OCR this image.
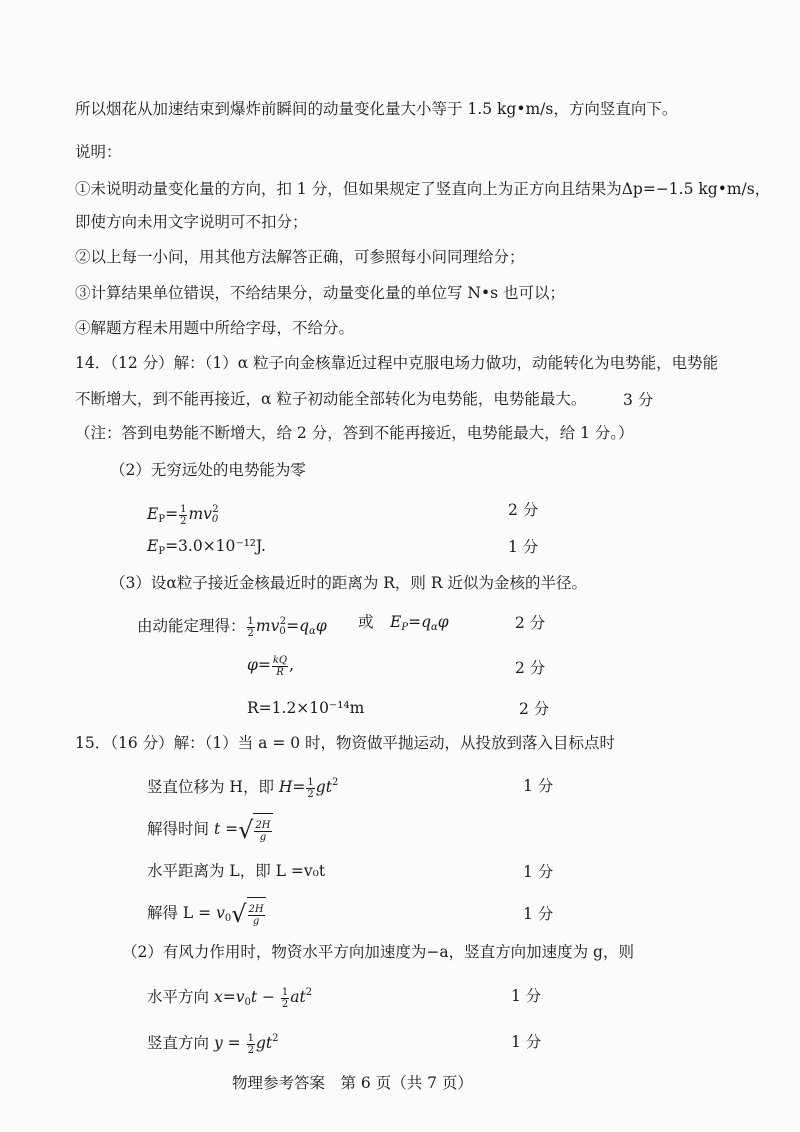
所以烟花从加速结束到爆炸前瞬间的动量变化量大小等于 1.5 kg•m/s，方向竖直向下。
说明：
①未说明动量变化量的方向，扣 1 分，但如果规定了竖直向上为正方向且结果为Δp=−1.5 kg•m/s，
即使方向未用文字说明可不扣分；
②以上每一小问，用其他方法解答正确，可参照每小问同理给分；
③计算结果单位错误，不给结果分，动量变化量的单位写 N•s 也可以；
④解题方程未用题中所给字母，不给分。
14．（12 分）解：（1）α 粒子向金核靠近过程中克服电场力做功，动能转化为电势能，电势能
不断增大，到不能再接近，α 粒子初动能全部转化为电势能，电势能最大。 3 分
（注：答到电势能不断增大，给 2 分，答到不能再接近，电势能最大，给 1 分。）
（2）无穷远处的电势能为零
$E_P= \frac{1}{2} mv_0^2$	2 分
$E_P=3.0\times 10^{-12}J$.	1 分
（3）设α粒子接近金核最近时的距离为 R，则 R 近似为金核的半径。
由动能定理得： $\frac{1}{2} mv_0^2=q_\alpha\varphi$ 或 $E_P=q_\alpha\varphi$	2 分
$\varphi= \frac{kQ}{R}$ ,	2 分
R=1.2×10⁻¹⁴m	2 分
15．（16 分）解：（1）当 a = 0 时，物资做平抛运动，从投放到落入目标点时
竖直位移为 H，即 $H= \frac{1}{2} gt^2$	1 分
解得时间 t =√ $\frac{2H}{g}$
水平距离为 L，即 L =v₀t	1 分
解得 $L = v_0√ \frac{2H}{g}$	1 分
（2）有风力作用时，物资水平方向加速度为−a，竖直方向加速度为 g，则
水平方向 $x=v_0t - \frac{1}{2} at^2$	1 分
竖直方向 $y = \frac{1}{2} gt^2$	1 分
物理参考答案　第 6 页（共 7 页）
